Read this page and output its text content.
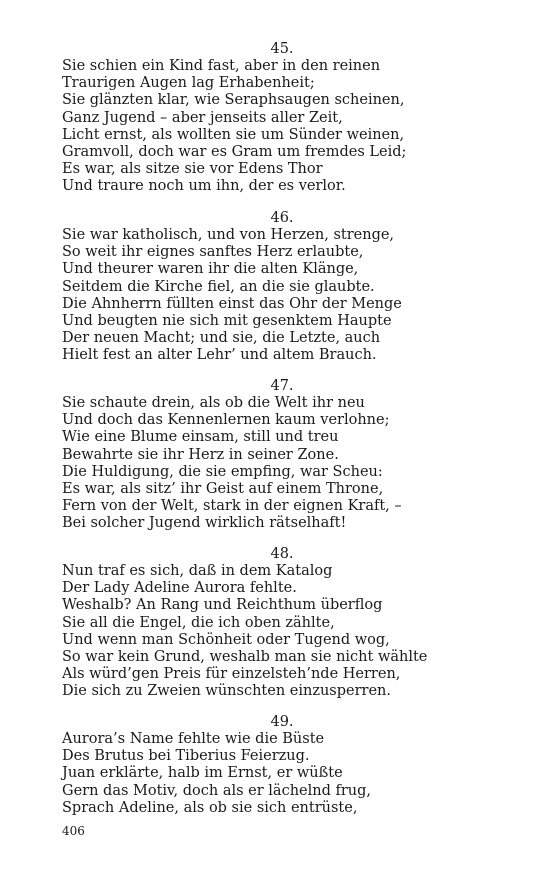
45.
Sie schien ein Kind fast, aber in den reinen
Traurigen Augen lag Erhabenheit;
Sie glänzten klar, wie Seraphsaugen scheinen,
Ganz Jugend – aber jenseits aller Zeit,
Licht ernst, als wollten sie um Sünder weinen,
Gramvoll, doch war es Gram um fremdes Leid;
Es war, als sitze sie vor Edens Thor
Und traure noch um ihn, der es verlor.
46.
Sie war katholisch, und von Herzen, strenge,
So weit ihr eignes sanftes Herz erlaubte,
Und theurer waren ihr die alten Klänge,
Seitdem die Kirche fiel, an die sie glaubte.
Die Ahnherrn füllten einst das Ohr der Menge
Und beugten nie sich mit gesenktem Haupte
Der neuen Macht; und sie, die Letzte, auch
Hielt fest an alter Lehr’ und altem Brauch.
47.
Sie schaute drein, als ob die Welt ihr neu
Und doch das Kennenlernen kaum verlohne;
Wie eine Blume einsam, still und treu
Bewahrte sie ihr Herz in seiner Zone.
Die Huldigung, die sie empfing, war Scheu:
Es war, als sitz’ ihr Geist auf einem Throne,
Fern von der Welt, stark in der eignen Kraft, –
Bei solcher Jugend wirklich rätselhaft!
48.
Nun traf es sich, daß in dem Katalog
Der Lady Adeline Aurora fehlte.
Weshalb? An Rang und Reichthum überflog
Sie all die Engel, die ich oben zählte,
Und wenn man Schönheit oder Tugend wog,
So war kein Grund, weshalb man sie nicht wählte
Als würd’gen Preis für einzelsteh’nde Herren,
Die sich zu Zweien wünschten einzusperren.
49.
Aurora’s Name fehlte wie die Büste
Des Brutus bei Tiberius Feierzug.
Juan erklärte, halb im Ernst, er wüßte
Gern das Motiv, doch als er lächelnd frug,
Sprach Adeline, als ob sie sich entrüste,
406
